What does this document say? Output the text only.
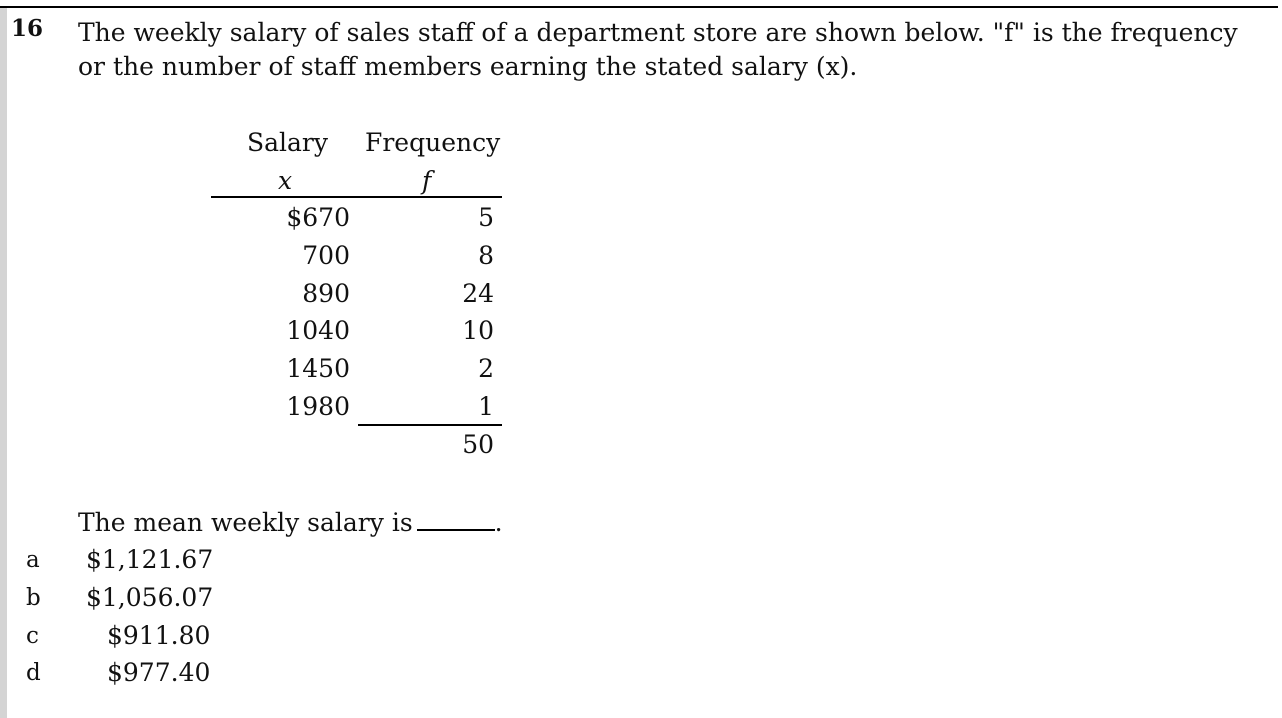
16 The weekly salary of sales staff of a department store are shown below. "f" is the frequency
or the number of staff members earning the stated salary (x).
Salary Frequency
x	f
$670	5
700	8
890	24
1040	10
1450	2
1980	1
50
The mean weekly salary is	.
a $1,121.67
b $1,056.07
c	$911.80
d	$977.40
